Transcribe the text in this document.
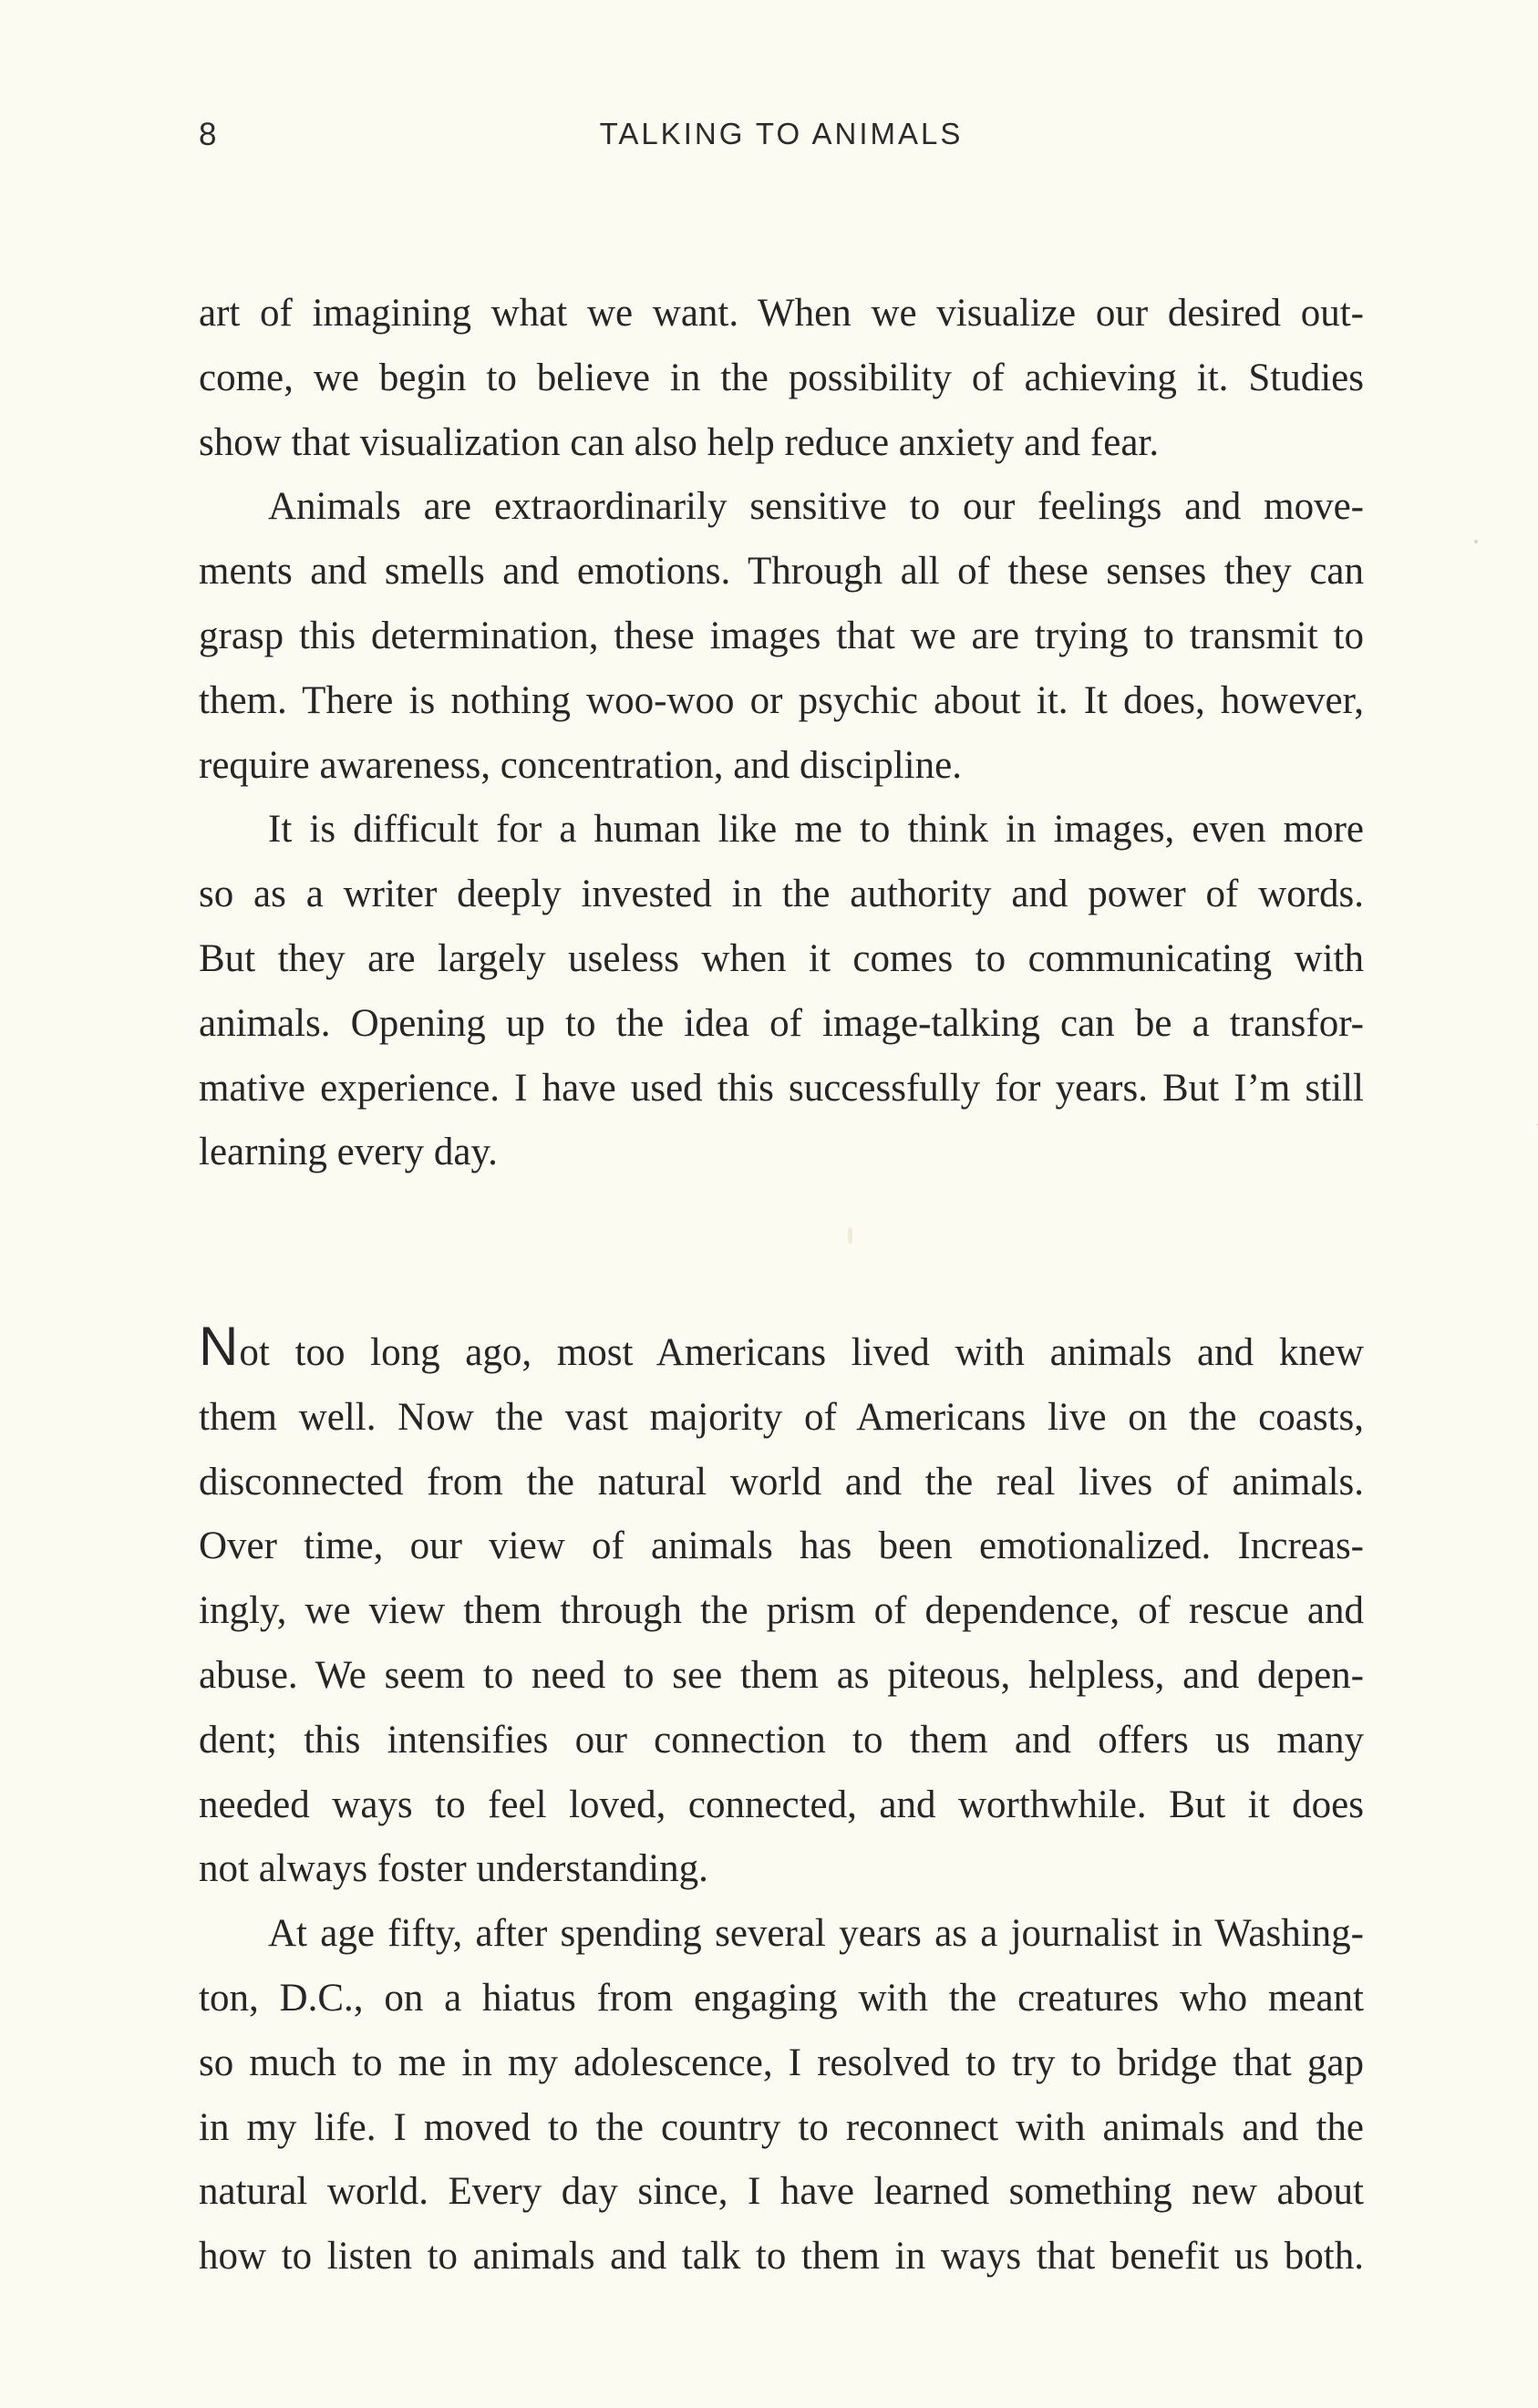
8	TALKING TO ANIMALS

art of imagining what we want. When we visualize our desired out-
come, we begin to believe in the possibility of achieving it. Studies
show that visualization can also help reduce anxiety and fear.

Animals are extraordinarily sensitive to our feelings and move-
ments and smells and emotions. Through all of these senses they can
grasp this determination, these images that we are trying to transmit to
them. There is nothing woo-woo or psychic about it. It does, however,
require awareness, concentration, and discipline.

It is difficult for a human like me to think in images, even more
so as a writer deeply invested in the authority and power of words.
But they are largely useless when it comes to communicating with
animals. Opening up to the idea of image-talking can be a transfor-
mative experience. I have used this successfully for years. But I’m still
learning every day.

Not too long ago, most Americans lived with animals and knew
them well. Now the vast majority of Americans live on the coasts,
disconnected from the natural world and the real lives of animals.
Over time, our view of animals has been emotionalized. Increas-
ingly, we view them through the prism of dependence, of rescue and
abuse. We seem to need to see them as piteous, helpless, and depen-
dent; this intensifies our connection to them and offers us many
needed ways to feel loved, connected, and worthwhile. But it does
not always foster understanding.

At age fifty, after spending several years as a journalist in Washing-
ton, D.C., on a hiatus from engaging with the creatures who meant
so much to me in my adolescence, I resolved to try to bridge that gap
in my life. I moved to the country to reconnect with animals and the
natural world. Every day since, I have learned something new about
how to listen to animals and talk to them in ways that benefit us both.
